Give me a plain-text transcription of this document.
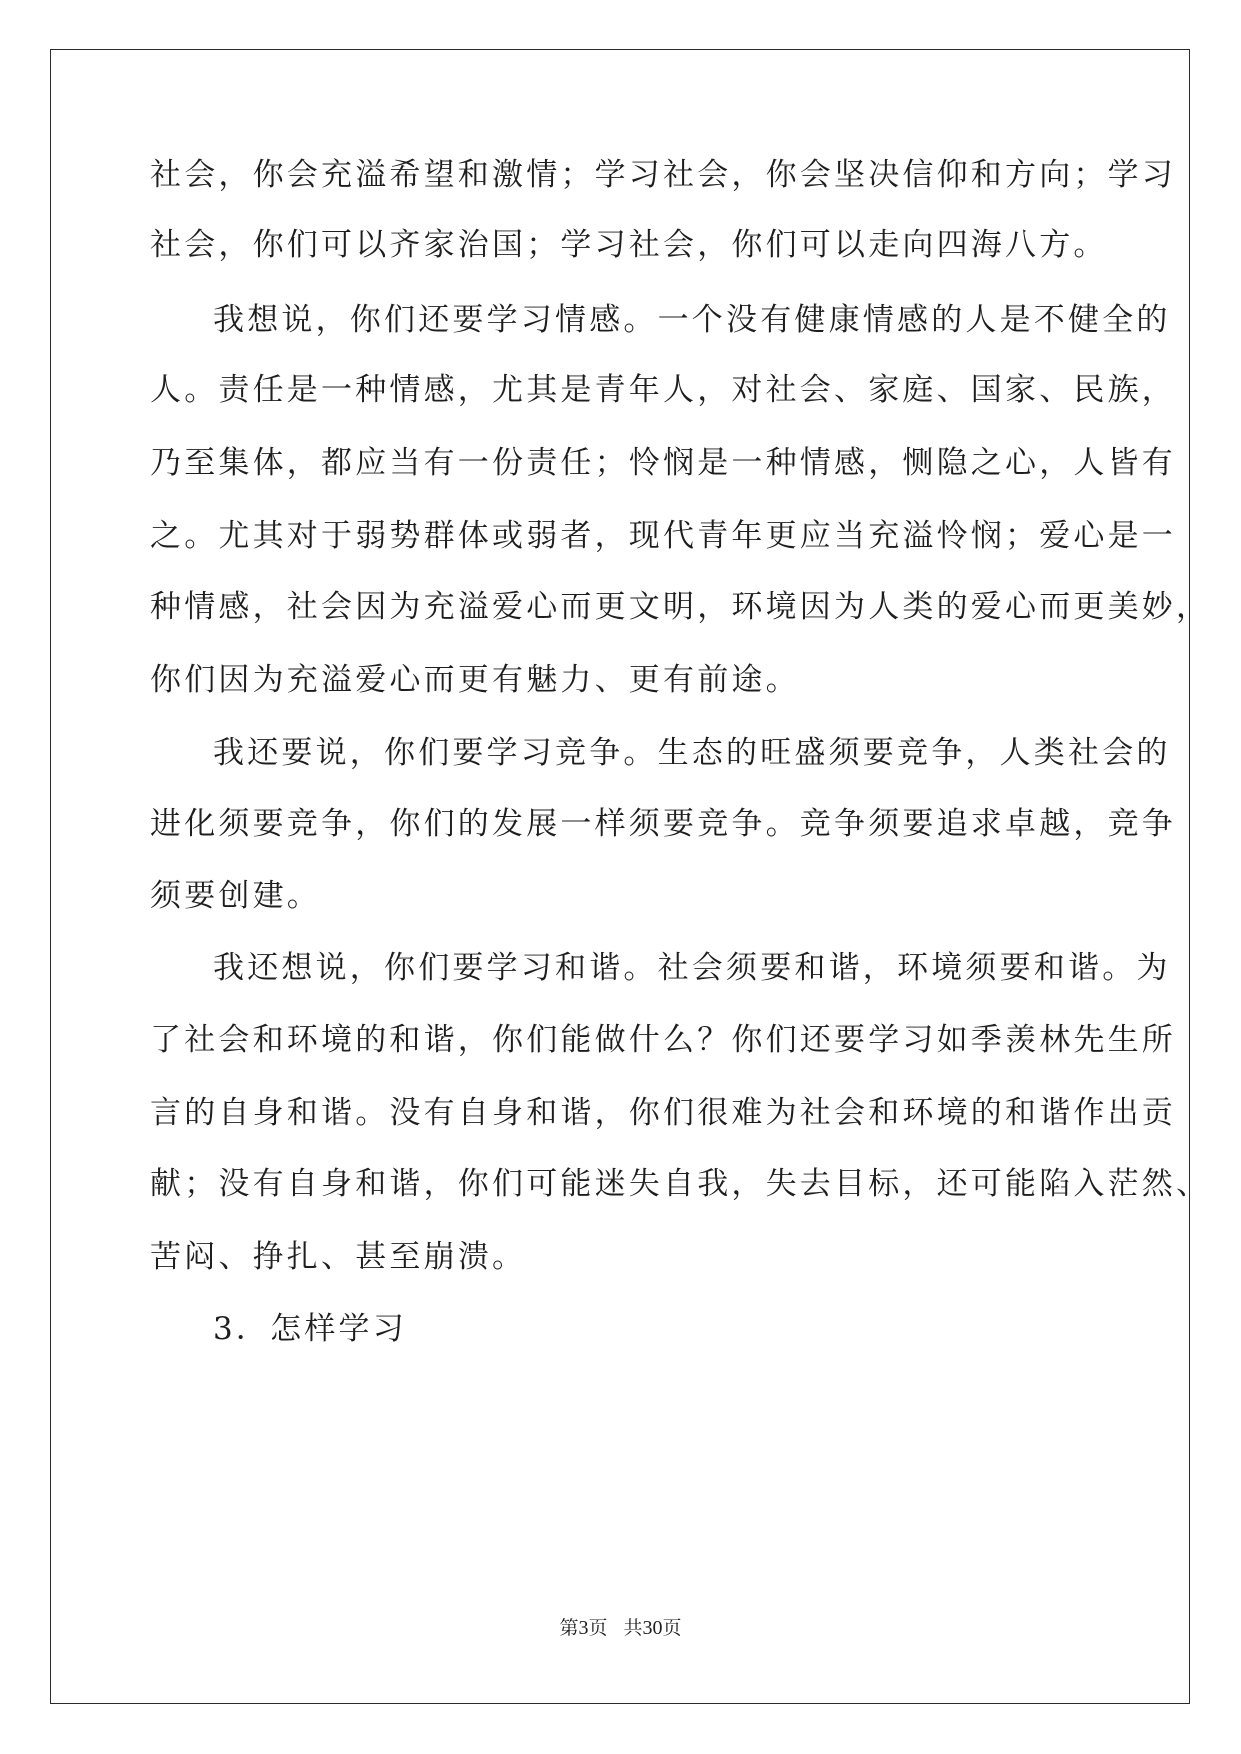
社会，你会充溢希望和激情；学习社会，你会坚决信仰和方向；学习

社会，你们可以齐家治国；学习社会，你们可以走向四海八方。

我想说，你们还要学习情感。一个没有健康情感的人是不健全的

人。责任是一种情感，尤其是青年人，对社会、家庭、国家、民族，

乃至集体，都应当有一份责任；怜悯是一种情感，恻隐之心，人皆有

之。尤其对于弱势群体或弱者，现代青年更应当充溢怜悯；爱心是一

种情感，社会因为充溢爱心而更文明，环境因为人类的爱心而更美妙，

你们因为充溢爱心而更有魅力、更有前途。

我还要说，你们要学习竞争。生态的旺盛须要竞争，人类社会的

进化须要竞争，你们的发展一样须要竞争。竞争须要追求卓越，竞争

须要创建。

我还想说，你们要学习和谐。社会须要和谐，环境须要和谐。为

了社会和环境的和谐，你们能做什么？你们还要学习如季羡林先生所

言的自身和谐。没有自身和谐，你们很难为社会和环境的和谐作出贡

献；没有自身和谐，你们可能迷失自我，失去目标，还可能陷入茫然、

苦闷、挣扎、甚至崩溃。

3．怎样学习

第3页 共30页
